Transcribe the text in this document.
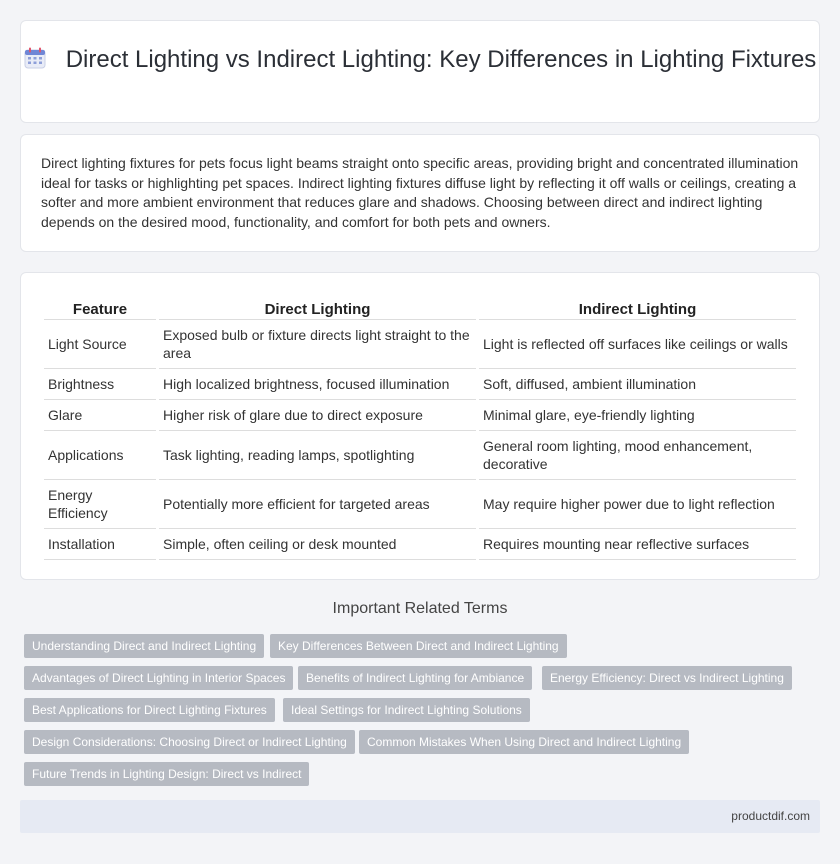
Direct Lighting vs Indirect Lighting: Key Differences in Lighting Fixtures

Direct lighting fixtures for pets focus light beams straight onto specific areas, providing bright and concentrated illumination ideal for tasks or highlighting pet spaces. Indirect lighting fixtures diffuse light by reflecting it off walls or ceilings, creating a softer and more ambient environment that reduces glare and shadows. Choosing between direct and indirect lighting depends on the desired mood, functionality, and comfort for both pets and owners.

Feature	Direct Lighting	Indirect Lighting
Light Source	Exposed bulb or fixture directs light straight to the area	Light is reflected off surfaces like ceilings or walls
Brightness	High localized brightness, focused illumination	Soft, diffused, ambient illumination
Glare	Higher risk of glare due to direct exposure	Minimal glare, eye-friendly lighting
Applications	Task lighting, reading lamps, spotlighting	General room lighting, mood enhancement, decorative
Energy Efficiency	Potentially more efficient for targeted areas	May require higher power due to light reflection
Installation	Simple, often ceiling or desk mounted	Requires mounting near reflective surfaces
Important Related Terms
Understanding Direct and Indirect Lighting	Key Differences Between Direct and Indirect Lighting
Advantages of Direct Lighting in Interior Spaces	Benefits of Indirect Lighting for Ambiance	Energy Efficiency: Direct vs Indirect Lighting
Best Applications for Direct Lighting Fixtures	Ideal Settings for Indirect Lighting Solutions
Design Considerations: Choosing Direct or Indirect Lighting	Common Mistakes When Using Direct and Indirect Lighting
Future Trends in Lighting Design: Direct vs Indirect
productdif.com
